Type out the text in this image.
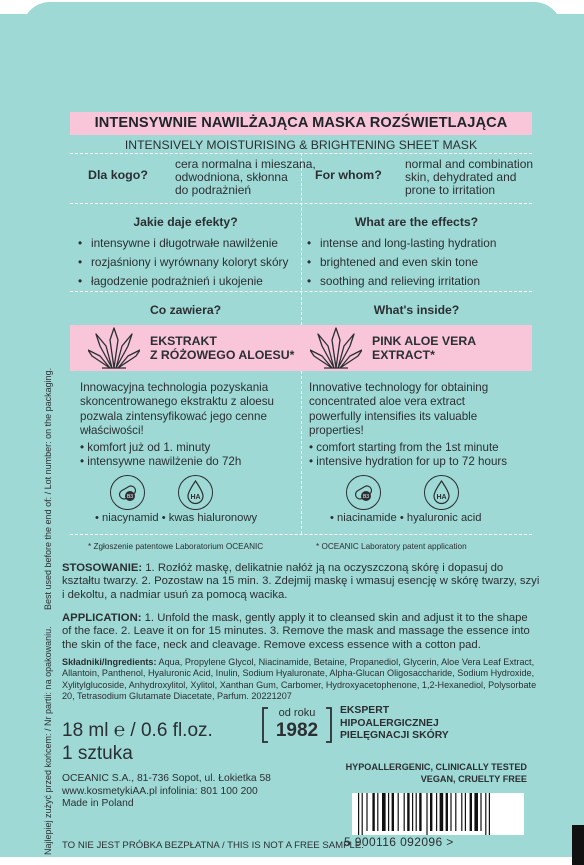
Best used before the end of: / Lot number: on the packaging.
Najlepiej zużyć przed końcem: / Nr partii: na opakowaniu.
INTENSYWNIE NAWILŻAJĄCA MASKA ROZŚWIETLAJĄCA
INTENSIVELY MOISTURISING & BRIGHTENING SHEET MASK
Dla kogo?
cera normalna i mieszana,
odwodniona, skłonna
do podrażnień
For whom?
normal and combination
skin, dehydrated and
prone to irritation
Jakie daje efekty?	What are the effects?
• intensywne i długotrwałe nawilżenie
• rozjaśniony i wyrównany koloryt skóry
• łagodzenie podrażnień i ukojenie
• intense and long-lasting hydration
• brightened and even skin tone
• soothing and relieving irritation
Co zawiera?	What's inside?
EKSTRAKT
Z RÓŻOWEGO ALOESU*
PINK ALOE VERA
EXTRACT*
Innowacyjna technologia pozyskania
skoncentrowanego ekstraktu z aloesu
pozwala zintensyfikować jego cenne
właściwości!
Innovative technology for obtaining
concentrated aloe vera extract
powerfully intensifies its valuable
properties!
• komfort już od 1. minuty
• intensywne nawilżenie do 72h
• comfort starting from the 1st minute
• intensive hydration for up to 72 hours
B3	HA
• niacynamid • kwas hialuronowy
B3	HA
• niacinamide • hyaluronic acid
* Zgłoszenie patentowe Laboratorium OCEANIC	* OCEANIC Laboratory patent application
STOSOWANIE: 1. Rozłóż maskę, delikatnie nałóż ją na oczyszczoną skórę i dopasuj do kształtu twarzy. 2. Pozostaw na 15 min. 3. Zdejmij maskę i wmasuj esencję w skórę twarzy, szyi i dekoltu, a nadmiar usuń za pomocą wacika.
APPLICATION: 1. Unfold the mask, gently apply it to cleansed skin and adjust it to the shape of the face. 2. Leave it on for 15 minutes. 3. Remove the mask and massage the essence into the skin of the face, neck and cleavage. Remove excess essence with a cotton pad.
Składniki/Ingredients: Aqua, Propylene Glycol, Niacinamide, Betaine, Propanediol, Glycerin, Aloe Vera Leaf Extract, Allantoin, Panthenol, Hyaluronic Acid, Inulin, Sodium Hyaluronate, Alpha-Glucan Oligosaccharide, Sodium Hydroxide, Xylitylglucoside, Anhydroxylitol, Xylitol, Xanthan Gum, Carbomer, Hydroxyacetophenone, 1,2-Hexanediol, Polysorbate 20, Tetrasodium Glutamate Diacetate, Parfum. 20221207
18 ml ℮ / 0.6 fl.oz.
1 sztuka
od roku
1982
EKSPERT
HIPOALERGICZNEJ
PIELĘGNACJI SKÓRY
HYPOALLERGENIC, CLINICALLY TESTED
VEGAN, CRUELTY FREE
OCEANIC S.A., 81-736 Sopot, ul. Łokietka 58
www.kosmetykiAA.pl infolinia: 801 100 200
Made in Poland
5 900116 092096 >
TO NIE JEST PRÓBKA BEZPŁATNA / THIS IS NOT A FREE SAMPLE.
